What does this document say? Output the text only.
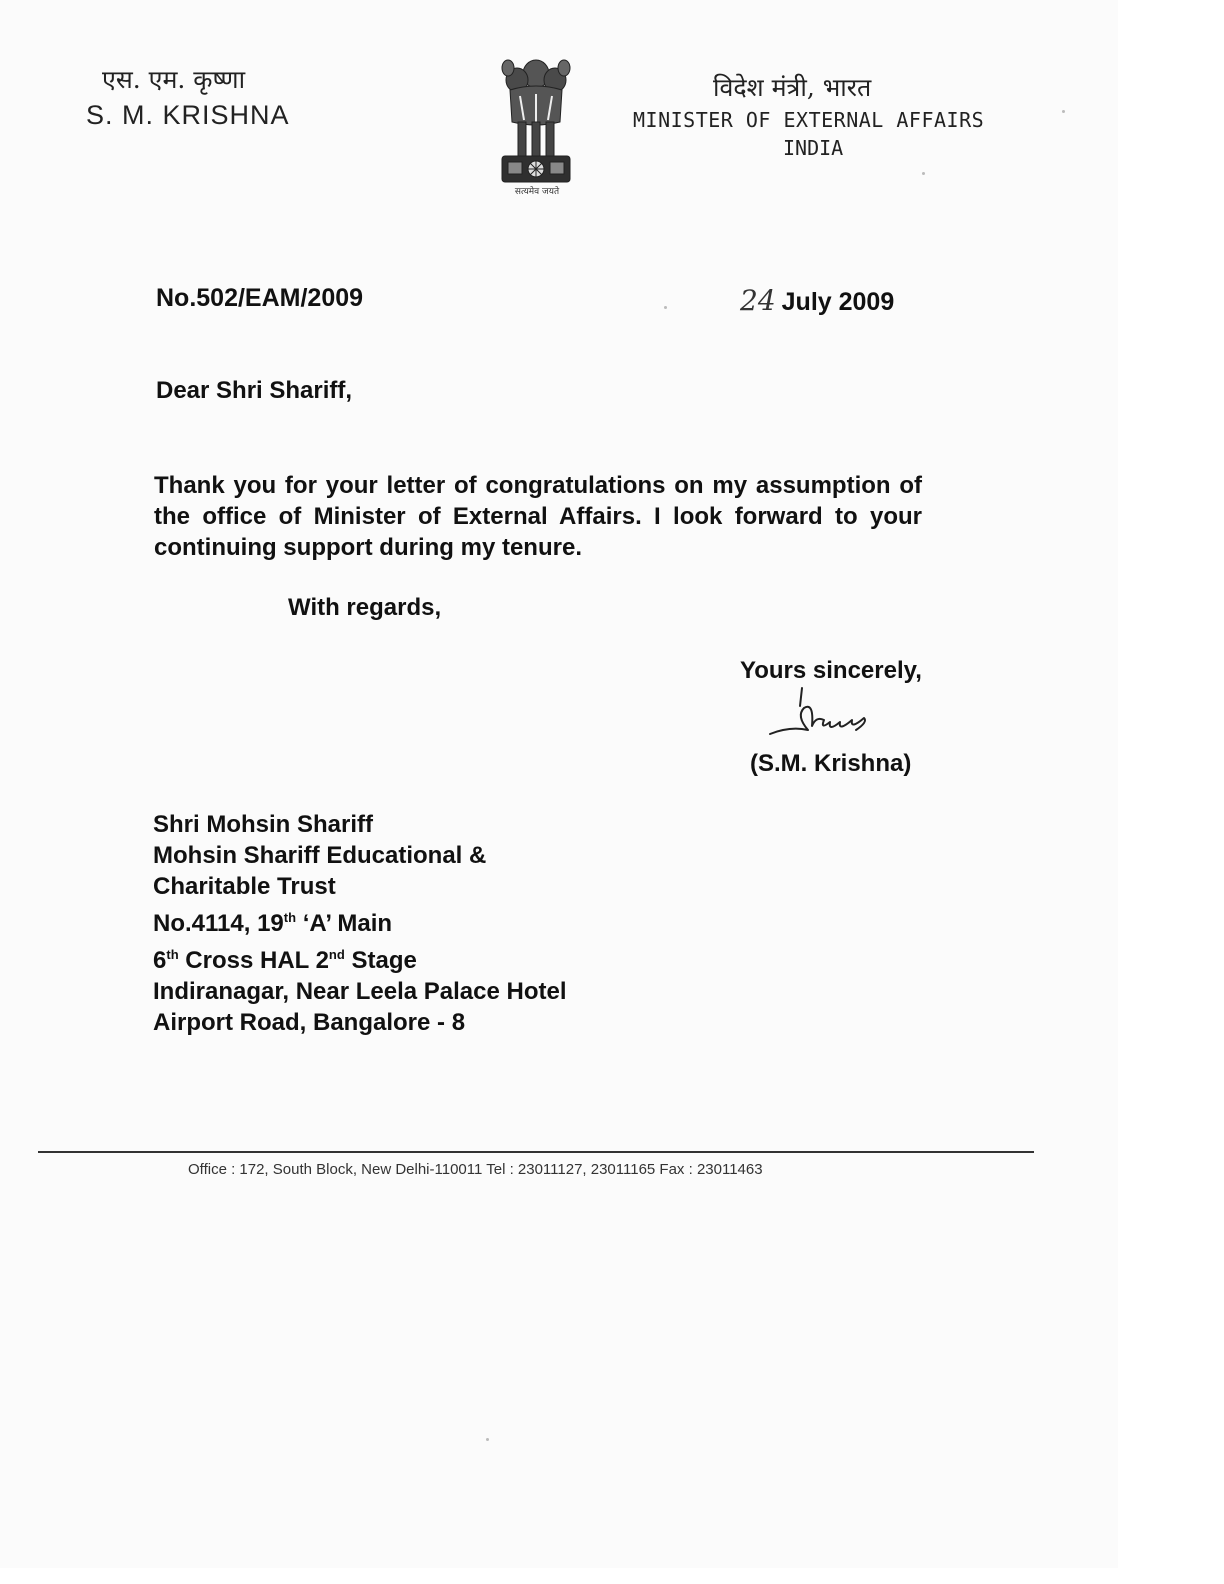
एस. एम. कृष्णा
S. M. KRISHNA
सत्यमेव जयते
विदेश मंत्री, भारत
MINISTER OF EXTERNAL AFFAIRS
INDIA
No.502/EAM/2009	24 July 2009
Dear Shri Shariff,

Thank you for your letter of congratulations on my assumption of the office of Minister of External Affairs. I look forward to your continuing support during my tenure.

With regards,
Yours sincerely,
(S.M. Krishna)
Shri Mohsin Shariff
Mohsin Shariff Educational &
Charitable Trust
No.4114, 19th ‘A’ Main
6th Cross HAL 2nd Stage
Indiranagar, Near Leela Palace Hotel
Airport Road, Bangalore - 8
Office : 172, South Block, New Delhi-110011 Tel : 23011127, 23011165 Fax : 23011463
